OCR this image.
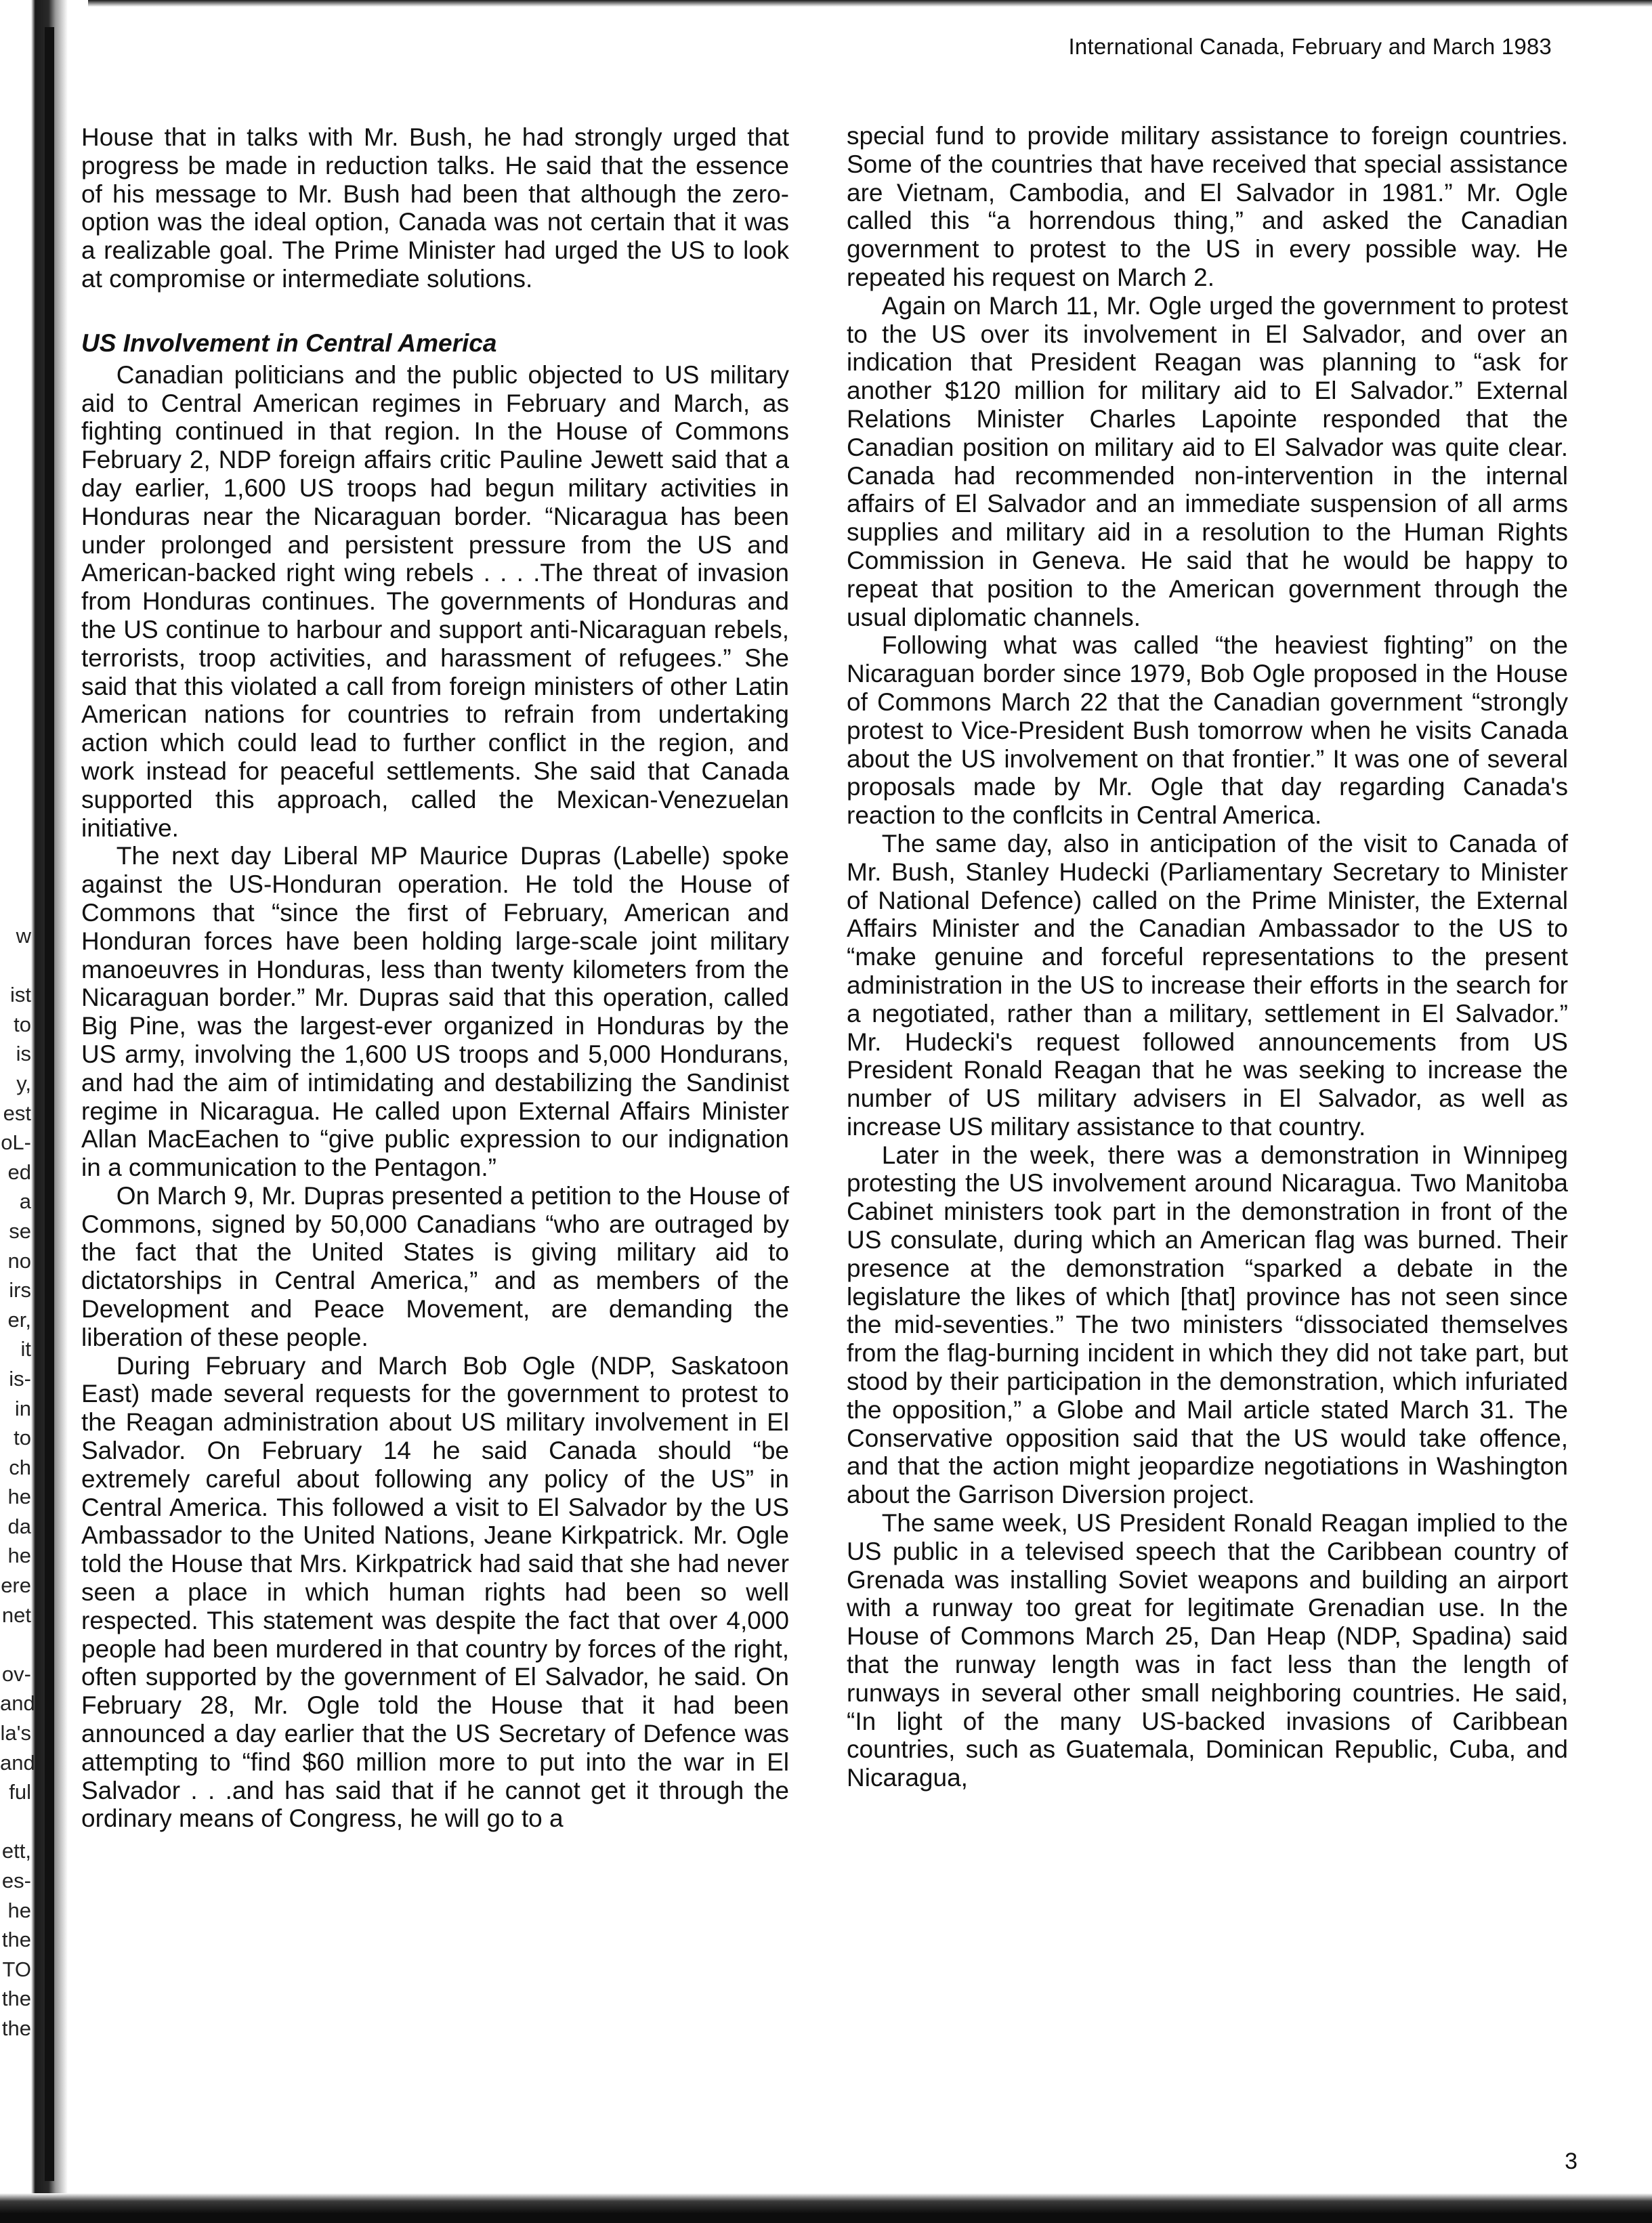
w
ist
to
is
y,
est
oL-
ed
a
se
no
irs
er,
it
is-
in
to
ch
he
da
he
ere
net
ov-
and
la's
and
ful
ett,
es-
he
the
TO
the
the
International Canada, February and March 1983

House that in talks with Mr. Bush, he had strongly urged that progress be made in reduction talks. He said that the essence of his message to Mr. Bush had been that although the zero-option was the ideal option, Canada was not certain that it was a realizable goal. The Prime Minister had urged the US to look at compromise or intermediate solutions.

US Involvement in Central America

Canadian politicians and the public objected to US military aid to Central American regimes in February and March, as fighting continued in that region. In the House of Commons February 2, NDP foreign affairs critic Pauline Jewett said that a day earlier, 1,600 US troops had begun military activities in Honduras near the Nicaraguan border. “Nicaragua has been under prolonged and persistent pressure from the US and American-backed right wing rebels . . . .The threat of invasion from Honduras continues. The governments of Honduras and the US continue to harbour and support anti-Nicaraguan rebels, terrorists, troop activities, and harassment of refugees.” She said that this violated a call from foreign ministers of other Latin American nations for countries to refrain from undertaking action which could lead to further conflict in the region, and work instead for peaceful settlements. She said that Canada supported this approach, called the Mexican-Venezuelan initiative.

The next day Liberal MP Maurice Dupras (Labelle) spoke against the US-Honduran operation. He told the House of Commons that “since the first of February, American and Honduran forces have been holding large-scale joint military manoeuvres in Honduras, less than twenty kilometers from the Nicaraguan border.” Mr. Dupras said that this operation, called Big Pine, was the largest-ever organized in Honduras by the US army, involving the 1,600 US troops and 5,000 Hondurans, and had the aim of intimidating and destabilizing the Sandinist regime in Nicaragua. He called upon External Affairs Minister Allan MacEachen to “give public expression to our indignation in a communication to the Pentagon.”

On March 9, Mr. Dupras presented a petition to the House of Commons, signed by 50,000 Canadians “who are outraged by the fact that the United States is giving military aid to dictatorships in Central America,” and as members of the Development and Peace Movement, are demanding the liberation of these people.

During February and March Bob Ogle (NDP, Saskatoon East) made several requests for the government to protest to the Reagan administration about US military involvement in El Salvador. On February 14 he said Canada should “be extremely careful about following any policy of the US” in Central America. This followed a visit to El Salvador by the US Ambassador to the United Nations, Jeane Kirkpatrick. Mr. Ogle told the House that Mrs. Kirkpatrick had said that she had never seen a place in which human rights had been so well respected. This statement was despite the fact that over 4,000 people had been murdered in that country by forces of the right, often supported by the government of El Salvador, he said. On February 28, Mr. Ogle told the House that it had been announced a day earlier that the US Secretary of Defence was attempting to “find $60 million more to put into the war in El Salvador . . .and has said that if he cannot get it through the ordinary means of Congress, he will go to a

special fund to provide military assistance to foreign countries. Some of the countries that have received that special assistance are Vietnam, Cambodia, and El Salvador in 1981.” Mr. Ogle called this “a horrendous thing,” and asked the Canadian government to protest to the US in every possible way. He repeated his request on March 2.

Again on March 11, Mr. Ogle urged the government to protest to the US over its involvement in El Salvador, and over an indication that President Reagan was planning to “ask for another $120 million for military aid to El Salvador.” External Relations Minister Charles Lapointe responded that the Canadian position on military aid to El Salvador was quite clear. Canada had recommended non-intervention in the internal affairs of El Salvador and an immediate suspension of all arms supplies and military aid in a resolution to the Human Rights Commission in Geneva. He said that he would be happy to repeat that position to the American government through the usual diplomatic channels.

Following what was called “the heaviest fighting” on the Nicaraguan border since 1979, Bob Ogle proposed in the House of Commons March 22 that the Canadian government “strongly protest to Vice-President Bush tomorrow when he visits Canada about the US involvement on that frontier.” It was one of several proposals made by Mr. Ogle that day regarding Canada's reaction to the conflcits in Central America.

The same day, also in anticipation of the visit to Canada of Mr. Bush, Stanley Hudecki (Parliamentary Secretary to Minister of National Defence) called on the Prime Minister, the External Affairs Minister and the Canadian Ambassador to the US to “make genuine and forceful representations to the present administration in the US to increase their efforts in the search for a negotiated, rather than a military, settlement in El Salvador.” Mr. Hudecki's request followed announcements from US President Ronald Reagan that he was seeking to increase the number of US military advisers in El Salvador, as well as increase US military assistance to that country.

Later in the week, there was a demonstration in Winnipeg protesting the US involvement around Nicaragua. Two Manitoba Cabinet ministers took part in the demonstration in front of the US consulate, during which an American flag was burned. Their presence at the demonstration “sparked a debate in the legislature the likes of which [that] province has not seen since the mid-seventies.” The two ministers “dissociated themselves from the flag-burning incident in which they did not take part, but stood by their participation in the demonstration, which infuriated the opposition,” a Globe and Mail article stated March 31. The Conservative opposition said that the US would take offence, and that the action might jeopardize negotiations in Washington about the Garrison Diversion project.

The same week, US President Ronald Reagan implied to the US public in a televised speech that the Caribbean country of Grenada was installing Soviet weapons and building an airport with a runway too great for legitimate Grenadian use. In the House of Commons March 25, Dan Heap (NDP, Spadina) said that the runway length was in fact less than the length of runways in several other small neighboring countries. He said, “In light of the many US-backed invasions of Caribbean countries, such as Guatemala, Dominican Republic, Cuba, and Nicaragua,

3
